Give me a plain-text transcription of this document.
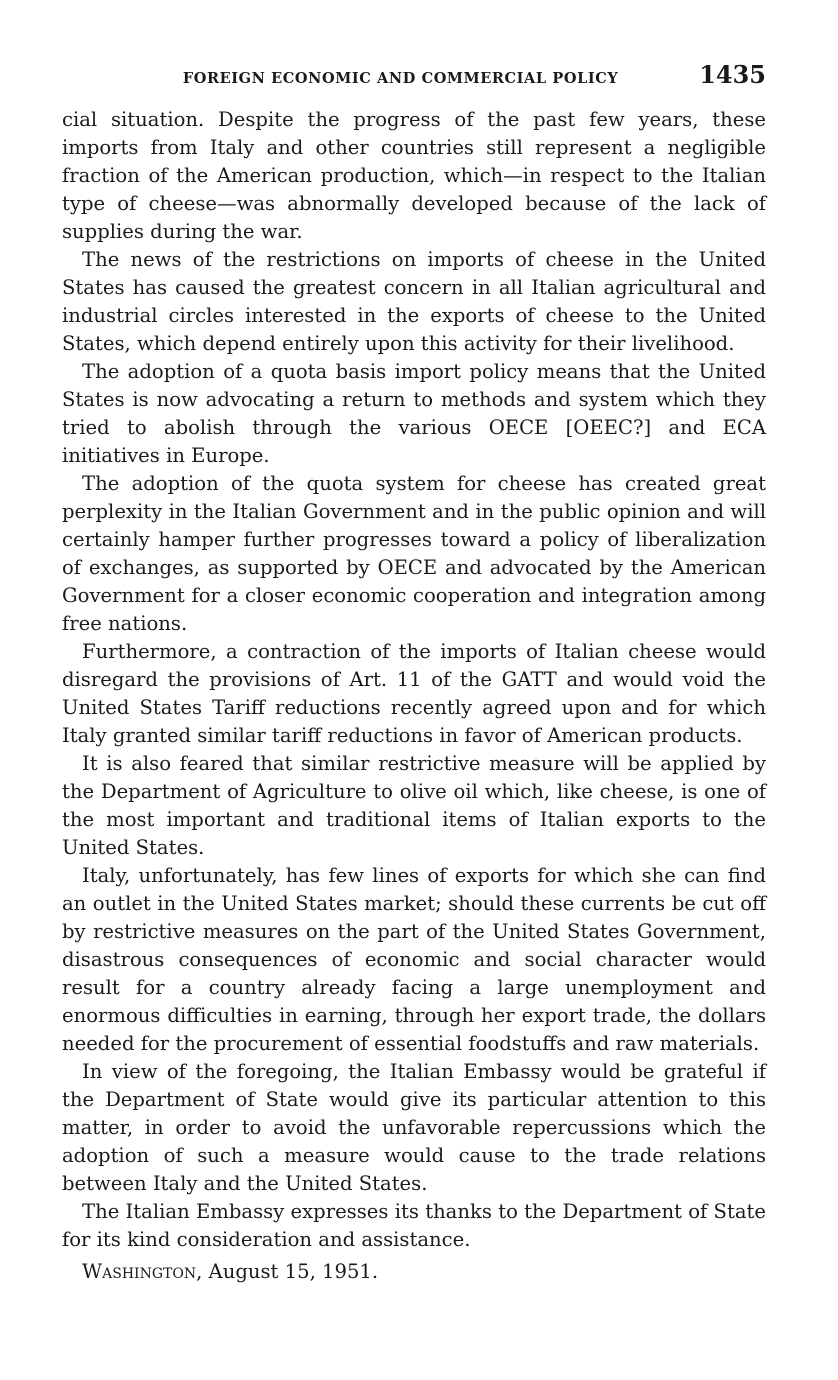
FOREIGN ECONOMIC AND COMMERCIAL POLICY	1435

cial situation. Despite the progress of the past few years, these imports from Italy and other countries still represent a negligible fraction of the American production, which—in respect to the Italian type of cheese—was abnormally developed because of the lack of supplies during the war.

The news of the restrictions on imports of cheese in the United States has caused the greatest concern in all Italian agricultural and industrial circles interested in the exports of cheese to the United States, which depend entirely upon this activity for their livelihood.

The adoption of a quota basis import policy means that the United States is now advocating a return to methods and system which they tried to abolish through the various OECE [OEEC?] and ECA initiatives in Europe.

The adoption of the quota system for cheese has created great perplexity in the Italian Government and in the public opinion and will certainly hamper further progresses toward a policy of liberalization of exchanges, as supported by OECE and advocated by the American Government for a closer economic cooperation and integration among free nations.

Furthermore, a contraction of the imports of Italian cheese would disregard the provisions of Art. 11 of the GATT and would void the United States Tariff reductions recently agreed upon and for which Italy granted similar tariff reductions in favor of American products.

It is also feared that similar restrictive measure will be applied by the Department of Agriculture to olive oil which, like cheese, is one of the most important and traditional items of Italian exports to the United States.

Italy, unfortunately, has few lines of exports for which she can find an outlet in the United States market; should these currents be cut off by restrictive measures on the part of the United States Government, disastrous consequences of economic and social character would result for a country already facing a large unemployment and enormous difficulties in earning, through her export trade, the dollars needed for the procurement of essential foodstuffs and raw materials.

In view of the foregoing, the Italian Embassy would be grateful if the Department of State would give its particular attention to this matter, in order to avoid the unfavorable repercussions which the adoption of such a measure would cause to the trade relations between Italy and the United States.

The Italian Embassy expresses its thanks to the Department of State for its kind consideration and assistance.

Washington, August 15, 1951.
